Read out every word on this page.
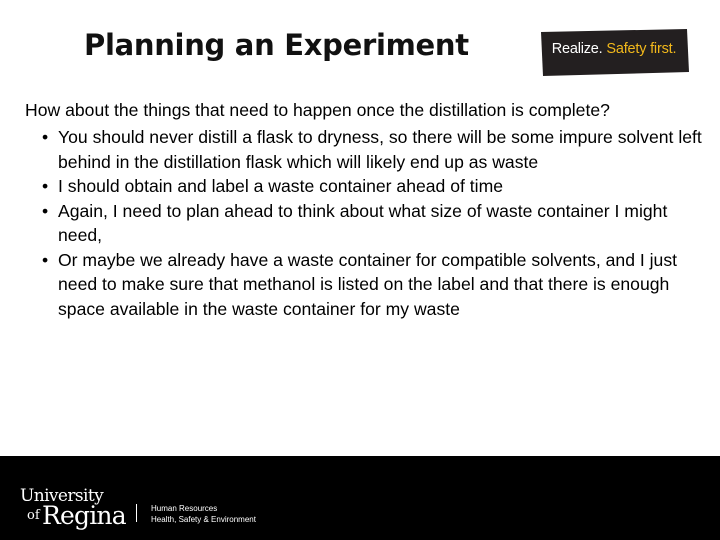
Planning an Experiment	Realize. Safety first.
How about the things that need to happen once the distillation is complete?
• You should never distill a flask to dryness, so there will be some impure solvent left behind in the distillation flask which will likely end up as waste
• I should obtain and label a waste container ahead of time
• Again, I need to plan ahead to think about what size of waste container I might need,
• Or maybe we already have a waste container for compatible solvents, and I just need to make sure that methanol is listed on the label and that there is enough space available in the waste container for my waste
University
of Regina	Human Resources
Health, Safety & Environment
